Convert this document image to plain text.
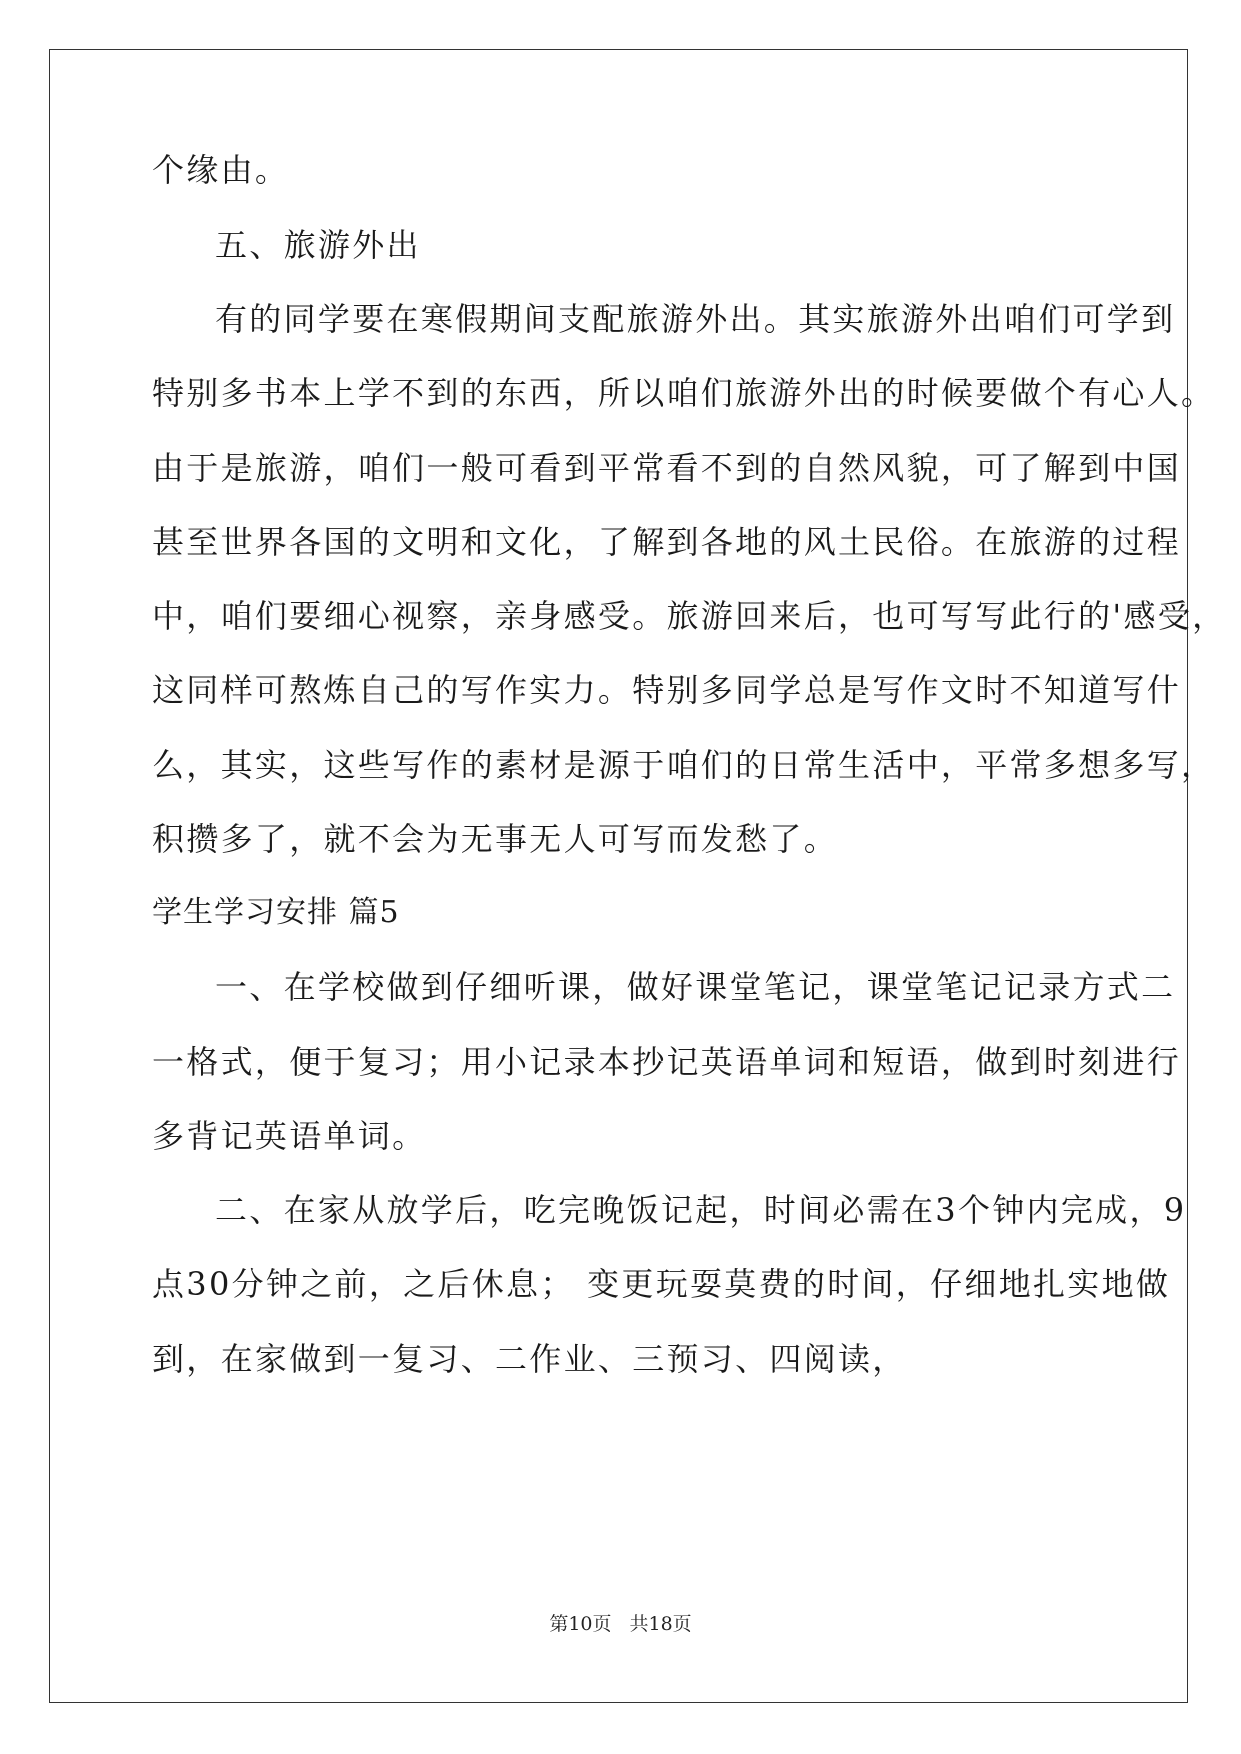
个缘由。
五、旅游外出
有的同学要在寒假期间支配旅游外出。其实旅游外出咱们可学到
特别多书本上学不到的东西，所以咱们旅游外出的时候要做个有心人。
由于是旅游，咱们一般可看到平常看不到的自然风貌，可了解到中国
甚至世界各国的文明和文化，了解到各地的风土民俗。在旅游的过程
中，咱们要细心视察，亲身感受。旅游回来后，也可写写此行的'感受，
这同样可熬炼自己的写作实力。特别多同学总是写作文时不知道写什
么，其实，这些写作的素材是源于咱们的日常生活中，平常多想多写，
积攒多了，就不会为无事无人可写而发愁了。
学生学习安排 篇5
一、在学校做到仔细听课，做好课堂笔记，课堂笔记记录方式二
一格式，便于复习；用小记录本抄记英语单词和短语，做到时刻进行
多背记英语单词。
二、在家从放学后，吃完晚饭记起，时间必需在3个钟内完成，9
点30分钟之前，之后休息； 变更玩耍莫费的时间，仔细地扎实地做
到，在家做到一复习、二作业、三预习、四阅读，
第10页 共18页
